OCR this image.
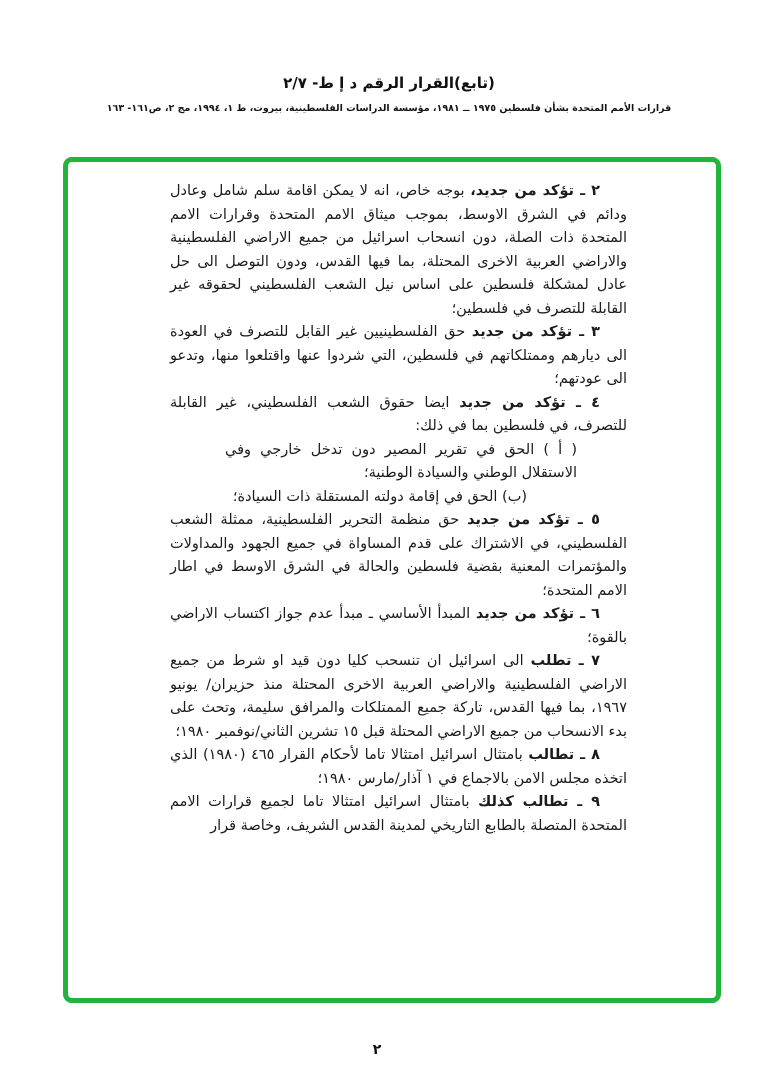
(تابع)القرار الرقم د إ ط- ٢/٧
قرارات الأمم المتحدة بشأن فلسطين ١٩٧٥ ــ ١٩٨١، مؤسسة الدراسات الفلسطينية، بيروت، ط ١، ١٩٩٤، مج ٢، ص١٦١- ١٦٣

٢ ـ تؤكد من جديد، بوجه خاص، انه لا يمكن اقامة سلم شامل وعادل ودائم في الشرق الاوسط، بموجب ميثاق الامم المتحدة وقرارات الامم المتحدة ذات الصلة، دون انسحاب اسرائيل من جميع الاراضي الفلسطينية والاراضي العربية الاخرى المحتلة، بما فيها القدس، ودون التوصل الى حل عادل لمشكلة فلسطين على اساس نيل الشعب الفلسطيني لحقوقه غير القابلة للتصرف في فلسطين؛

٣ ـ تؤكد من جديد حق الفلسطينيين غير القابل للتصرف في العودة الى ديارهم وممتلكاتهم في فلسطين، التي شردوا عنها واقتلعوا منها، وتدعو الى عودتهم؛

٤ ـ تؤكد من جديد ايضا حقوق الشعب الفلسطيني، غير القابلة للتصرف، في فلسطين بما في ذلك:

( أ ) الحق في تقرير المصير دون تدخل خارجي وفي الاستقلال الوطني والسيادة الوطنية؛

(ب) الحق في إقامة دولته المستقلة ذات السيادة؛

٥ ـ تؤكد من جديد حق منظمة التحرير الفلسطينية، ممثلة الشعب الفلسطيني، في الاشتراك على قدم المساواة في جميع الجهود والمداولات والمؤتمرات المعنية بقضية فلسطين والحالة في الشرق الاوسط في اطار الامم المتحدة؛

٦ ـ تؤكد من جديد المبدأ الأساسي ـ مبدأ عدم جواز اكتساب الاراضي بالقوة؛

٧ ـ تطلب الى اسرائيل ان تنسحب كليا دون قيد او شرط من جميع الاراضي الفلسطينية والاراضي العربية الاخرى المحتلة منذ حزيران/ يونيو ١٩٦٧، بما فيها القدس، تاركة جميع الممتلكات والمرافق سليمة، وتحث على بدء الانسحاب من جميع الاراضي المحتلة قبل ١٥ تشرين الثاني/نوفمبر ١٩٨٠؛

٨ ـ تطالب بامتثال اسرائيل امتثالا تاما لأحكام القرار ٤٦٥ (١٩٨٠) الذي اتخذه مجلس الامن بالاجماع في ١ آذار/مارس ١٩٨٠؛

٩ ـ تطالب كذلك بامتثال اسرائيل امتثالا تاما لجميع قرارات الامم المتحدة المتصلة بالطابع التاريخي لمدينة القدس الشريف، وخاصة قرار

٢
